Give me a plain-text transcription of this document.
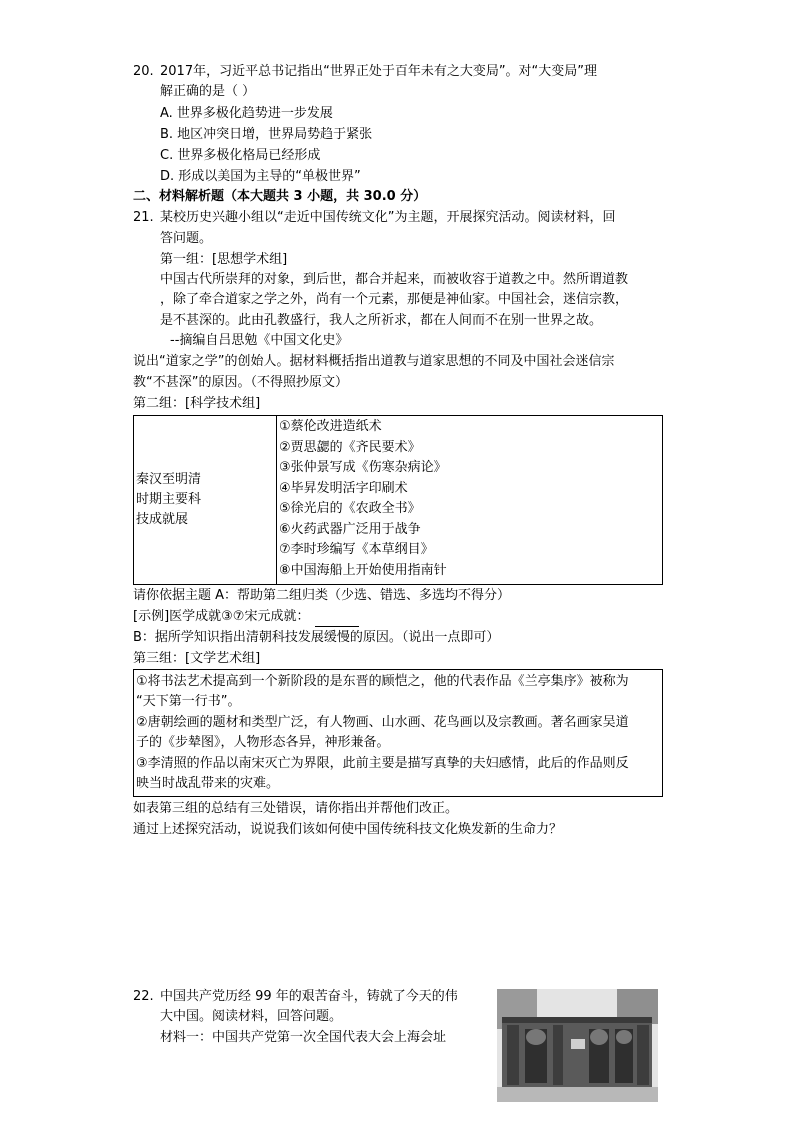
20. 2017年，习近平总书记指出“世界正处于百年未有之大变局”。对“大变局”理
解正确的是（ ）
A. 世界多极化趋势进一步发展
B. 地区冲突日增，世界局势趋于紧张
C. 世界多极化格局已经形成
D. 形成以美国为主导的“单极世界”
二、材料解析题（本大题共 3 小题，共 30.0 分）
21. 某校历史兴趣小组以“走近中国传统文化”为主题，开展探究活动。阅读材料，回
答问题。
第一组：[思想学术组]
中国古代所崇拜的对象，到后世，都合并起来，而被收容于道教之中。然所谓道教
，除了牵合道家之学之外，尚有一个元素，那便是神仙家。中国社会，迷信宗教，
是不甚深的。此由孔教盛行，我人之所祈求，都在人间而不在别一世界之故。
--摘编自吕思勉《中国文化史》
说出“道家之学”的创始人。据材料概括指出道教与道家思想的不同及中国社会迷信宗
教“不甚深”的原因。（不得照抄原文）
第二组：[科学技术组]
秦汉至明清
时期主要科
技成就展
①蔡伦改进造纸术
②贾思勰的《齐民要术》
③张仲景写成《伤寒杂病论》
④毕昇发明活字印刷术
⑤徐光启的《农政全书》
⑥火药武器广泛用于战争
⑦李时珍编写《本草纲目》
⑧中国海船上开始使用指南针
请你依据主题 A：帮助第二组归类（少选、错选、多选均不得分）
[示例]医学成就③⑦宋元成就：
B：据所学知识指出清朝科技发展缓慢的原因。（说出一点即可）
第三组：[文学艺术组]
①将书法艺术提高到一个新阶段的是东晋的顾恺之，他的代表作品《兰亭集序》被称为
“天下第一行书”。
②唐朝绘画的题材和类型广泛，有人物画、山水画、花鸟画以及宗教画。著名画家吴道
子的《步辇图》，人物形态各异，神形兼备。
③李清照的作品以南宋灭亡为界限，此前主要是描写真挚的夫妇感情，此后的作品则反
映当时战乱带来的灾难。
如表第三组的总结有三处错误，请你指出并帮他们改正。
通过上述探究活动，说说我们该如何使中国传统科技文化焕发新的生命力？
22. 中国共产党历经 99 年的艰苦奋斗，铸就了今天的伟
大中国。阅读材料，回答问题。
材料一：中国共产党第一次全国代表大会上海会址
